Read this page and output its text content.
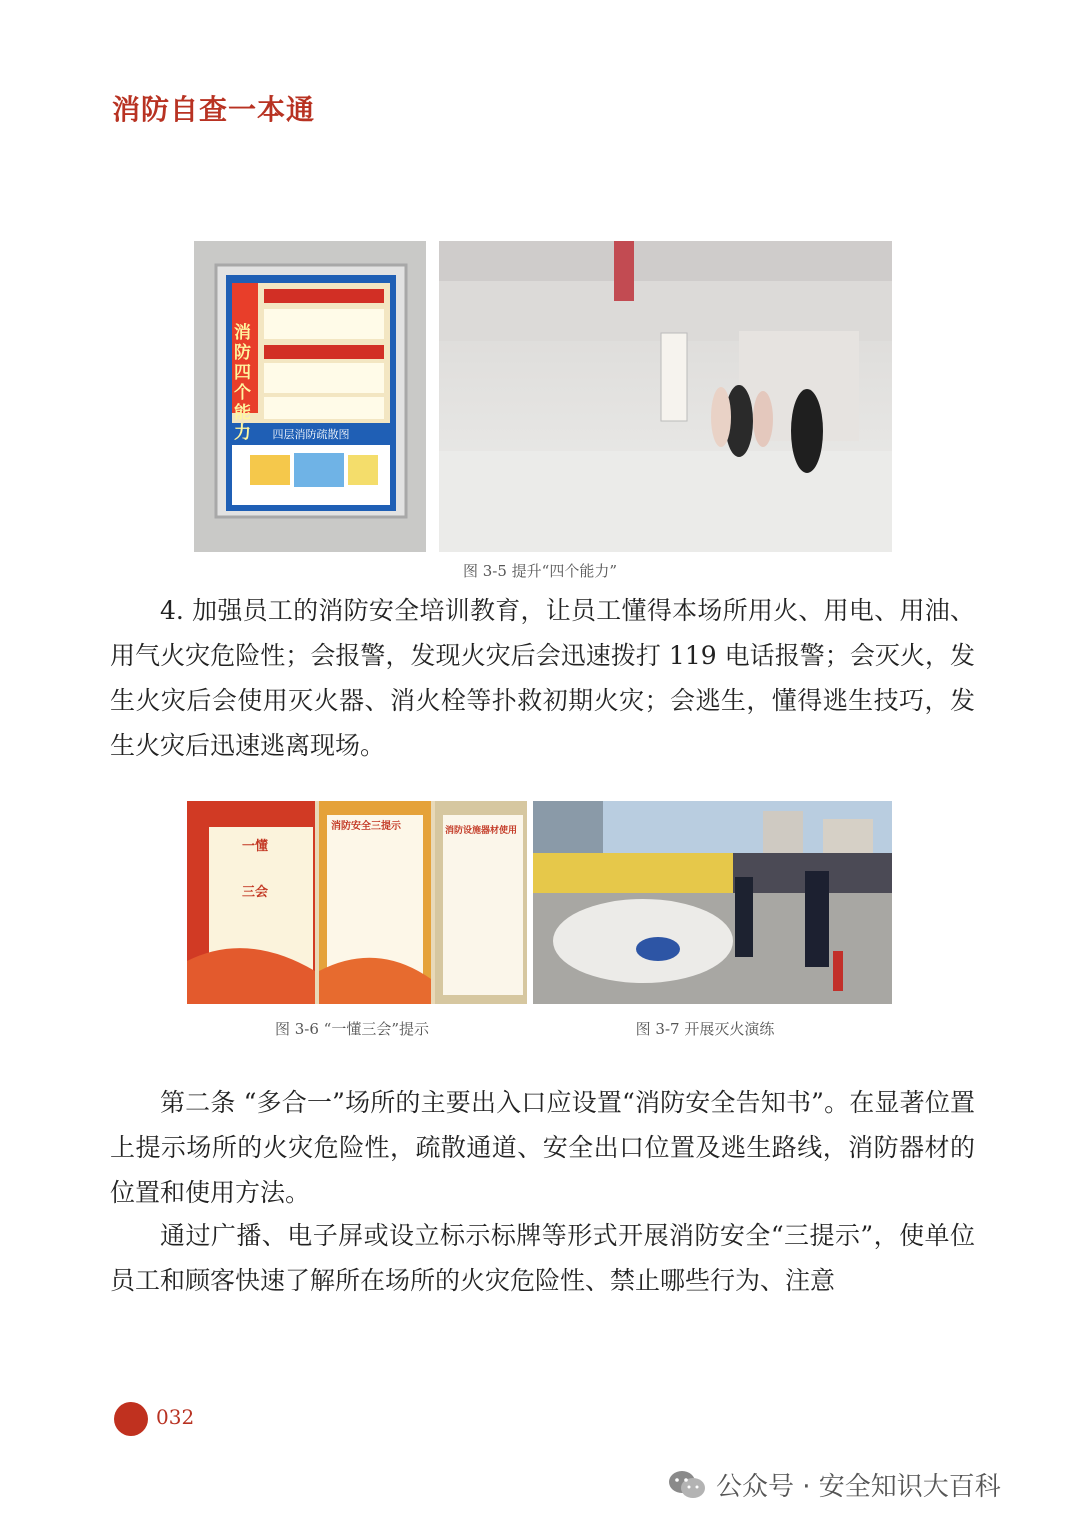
消防自查一本通
消防四个能力	四层消防疏散图
图 3-5 提升“四个能力”

4. 加强员工的消防安全培训教育，让员工懂得本场所用火、用电、用油、用气火灾危险性；会报警，发现火灾后会迅速拨打 119 电话报警；会灭火，发生火灾后会使用灭火器、消火栓等扑救初期火灾；会逃生，懂得逃生技巧，发生火灾后迅速逃离现场。

一懂
三会
消防安全三提示	消防设施器材使用
图 3-6 “一懂三会”提示	图 3-7 开展灭火演练

第二条 “多合一”场所的主要出入口应设置“消防安全告知书”。在显著位置上提示场所的火灾危险性，疏散通道、安全出口位置及逃生路线，消防器材的位置和使用方法。

通过广播、电子屏或设立标示标牌等形式开展消防安全“三提示”，使单位员工和顾客快速了解所在场所的火灾危险性、禁止哪些行为、注意

032
公众号 · 安全知识大百科
